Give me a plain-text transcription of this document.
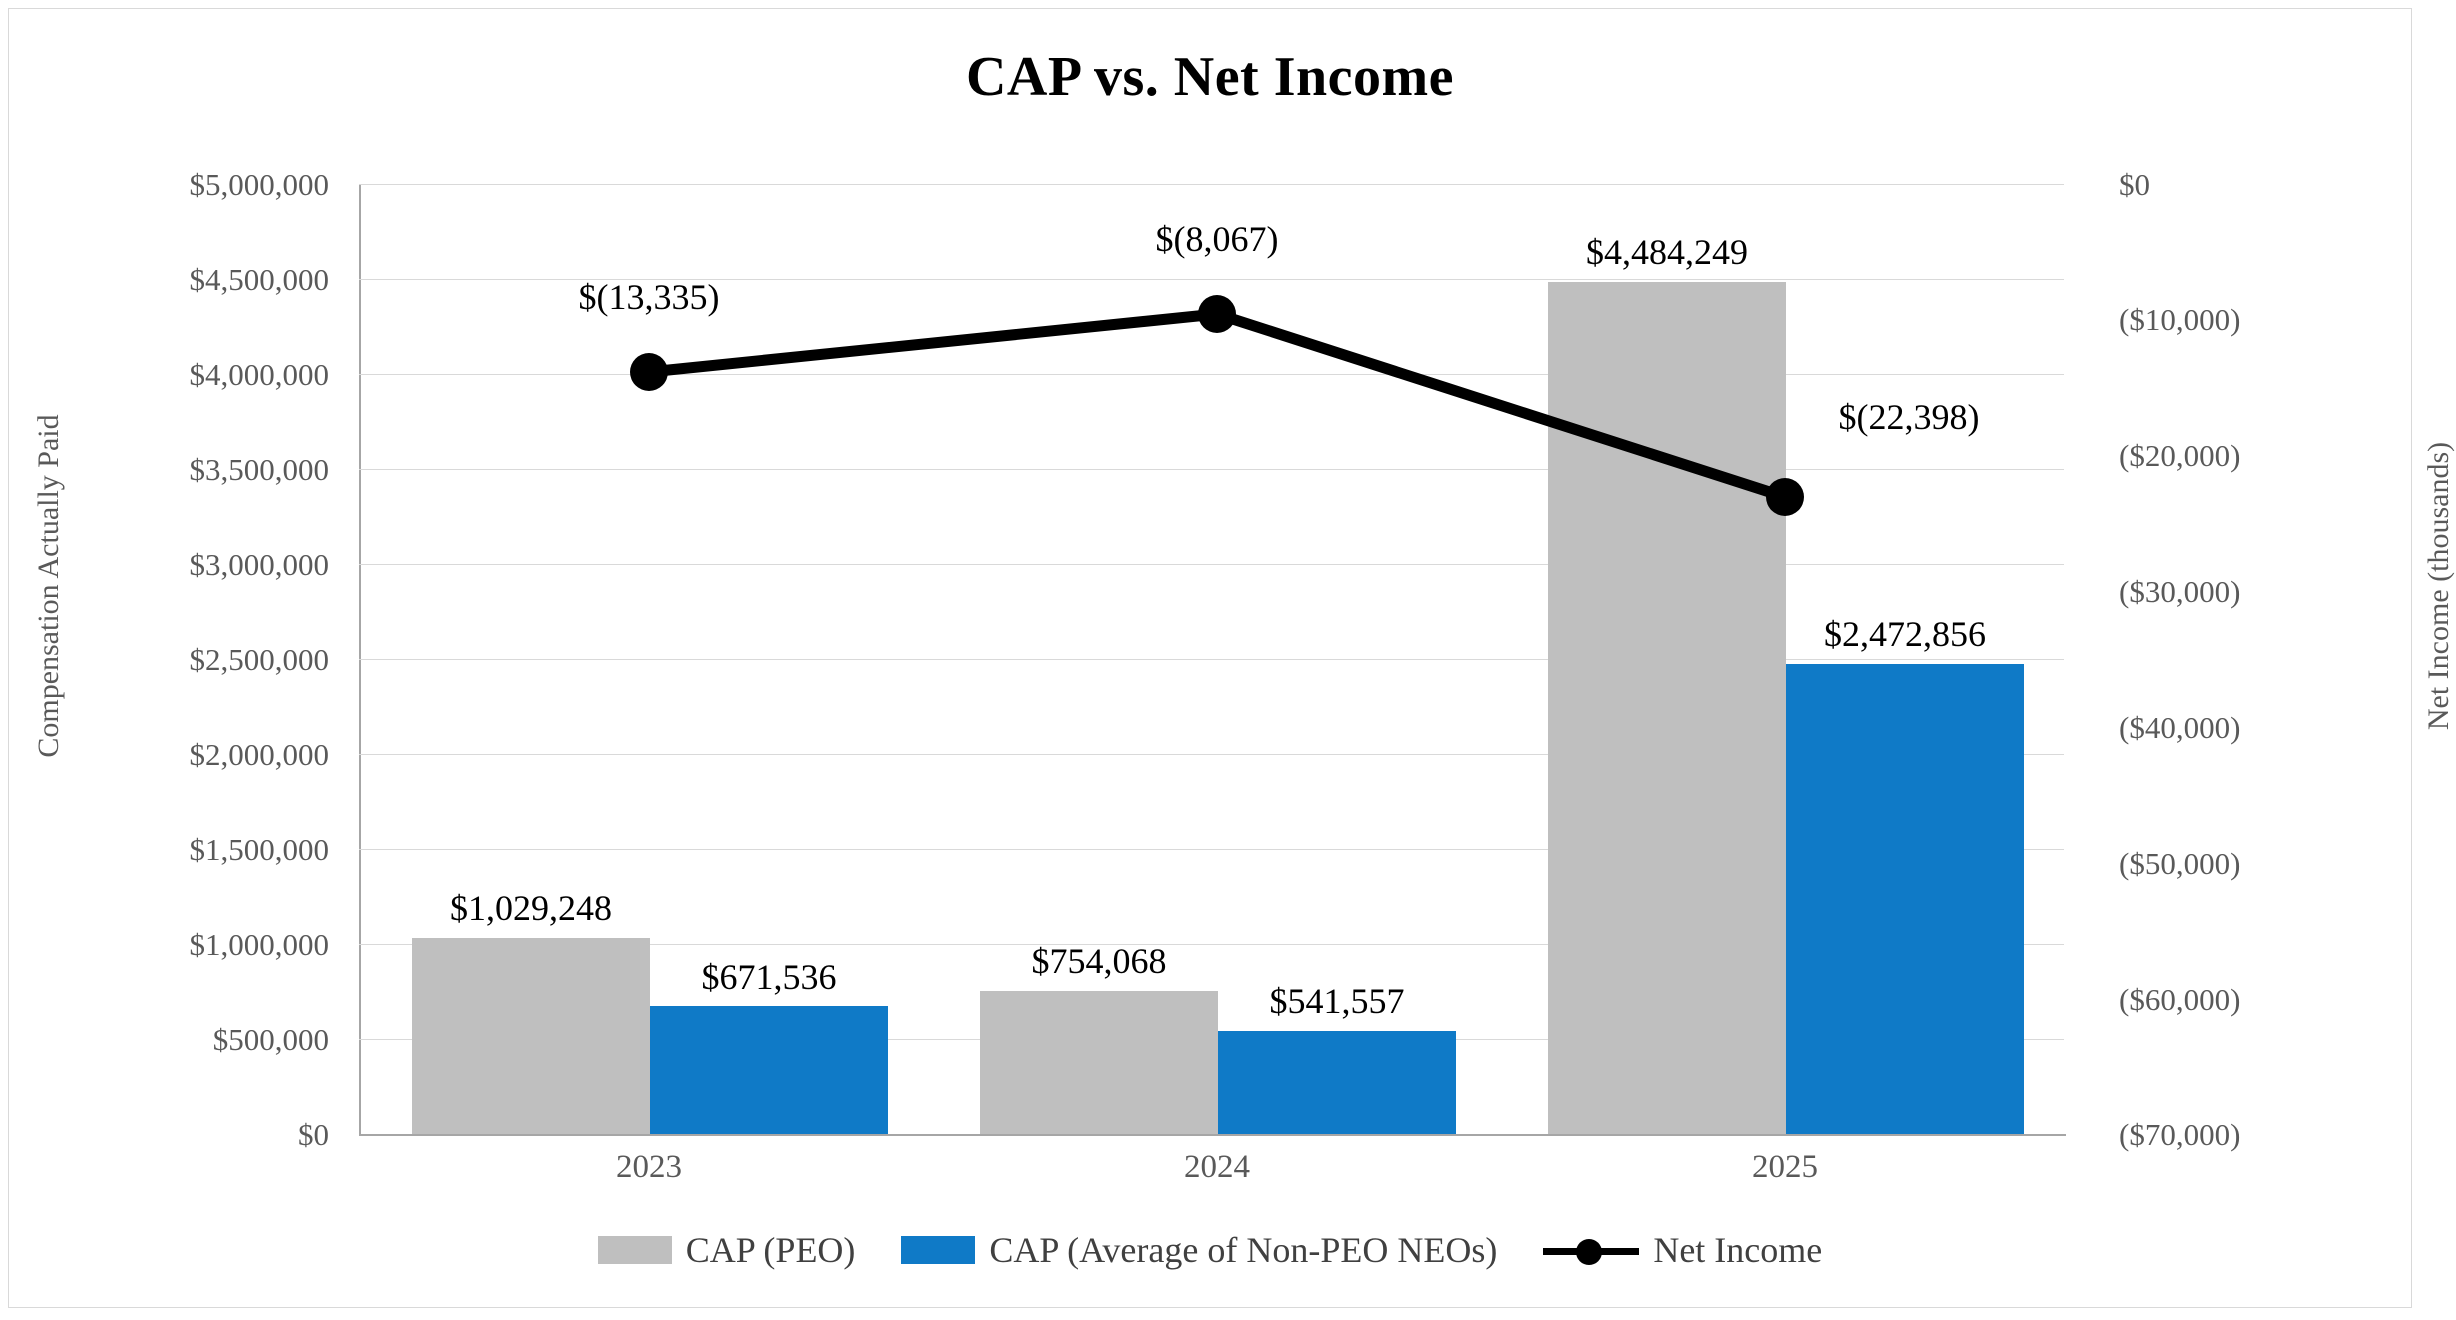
CAP vs. Net Income
Compensation Actually Paid	Net Income (thousands)
$0
$500,000
$1,000,000
$1,500,000
$2,000,000
$2,500,000
$3,000,000
$3,500,000
$4,000,000
$4,500,000
$5,000,000
($70,000)
($60,000)
($50,000)
($40,000)
($30,000)
($20,000)
($10,000)
$0
$1,029,248
$671,536	$754,068
$541,557
$4,484,249
$2,472,856
$(13,335)
$(8,067)
$(22,398)
2023	2024	2025
CAP (PEO)	CAP (Average of Non-PEO NEOs)	Net Income
